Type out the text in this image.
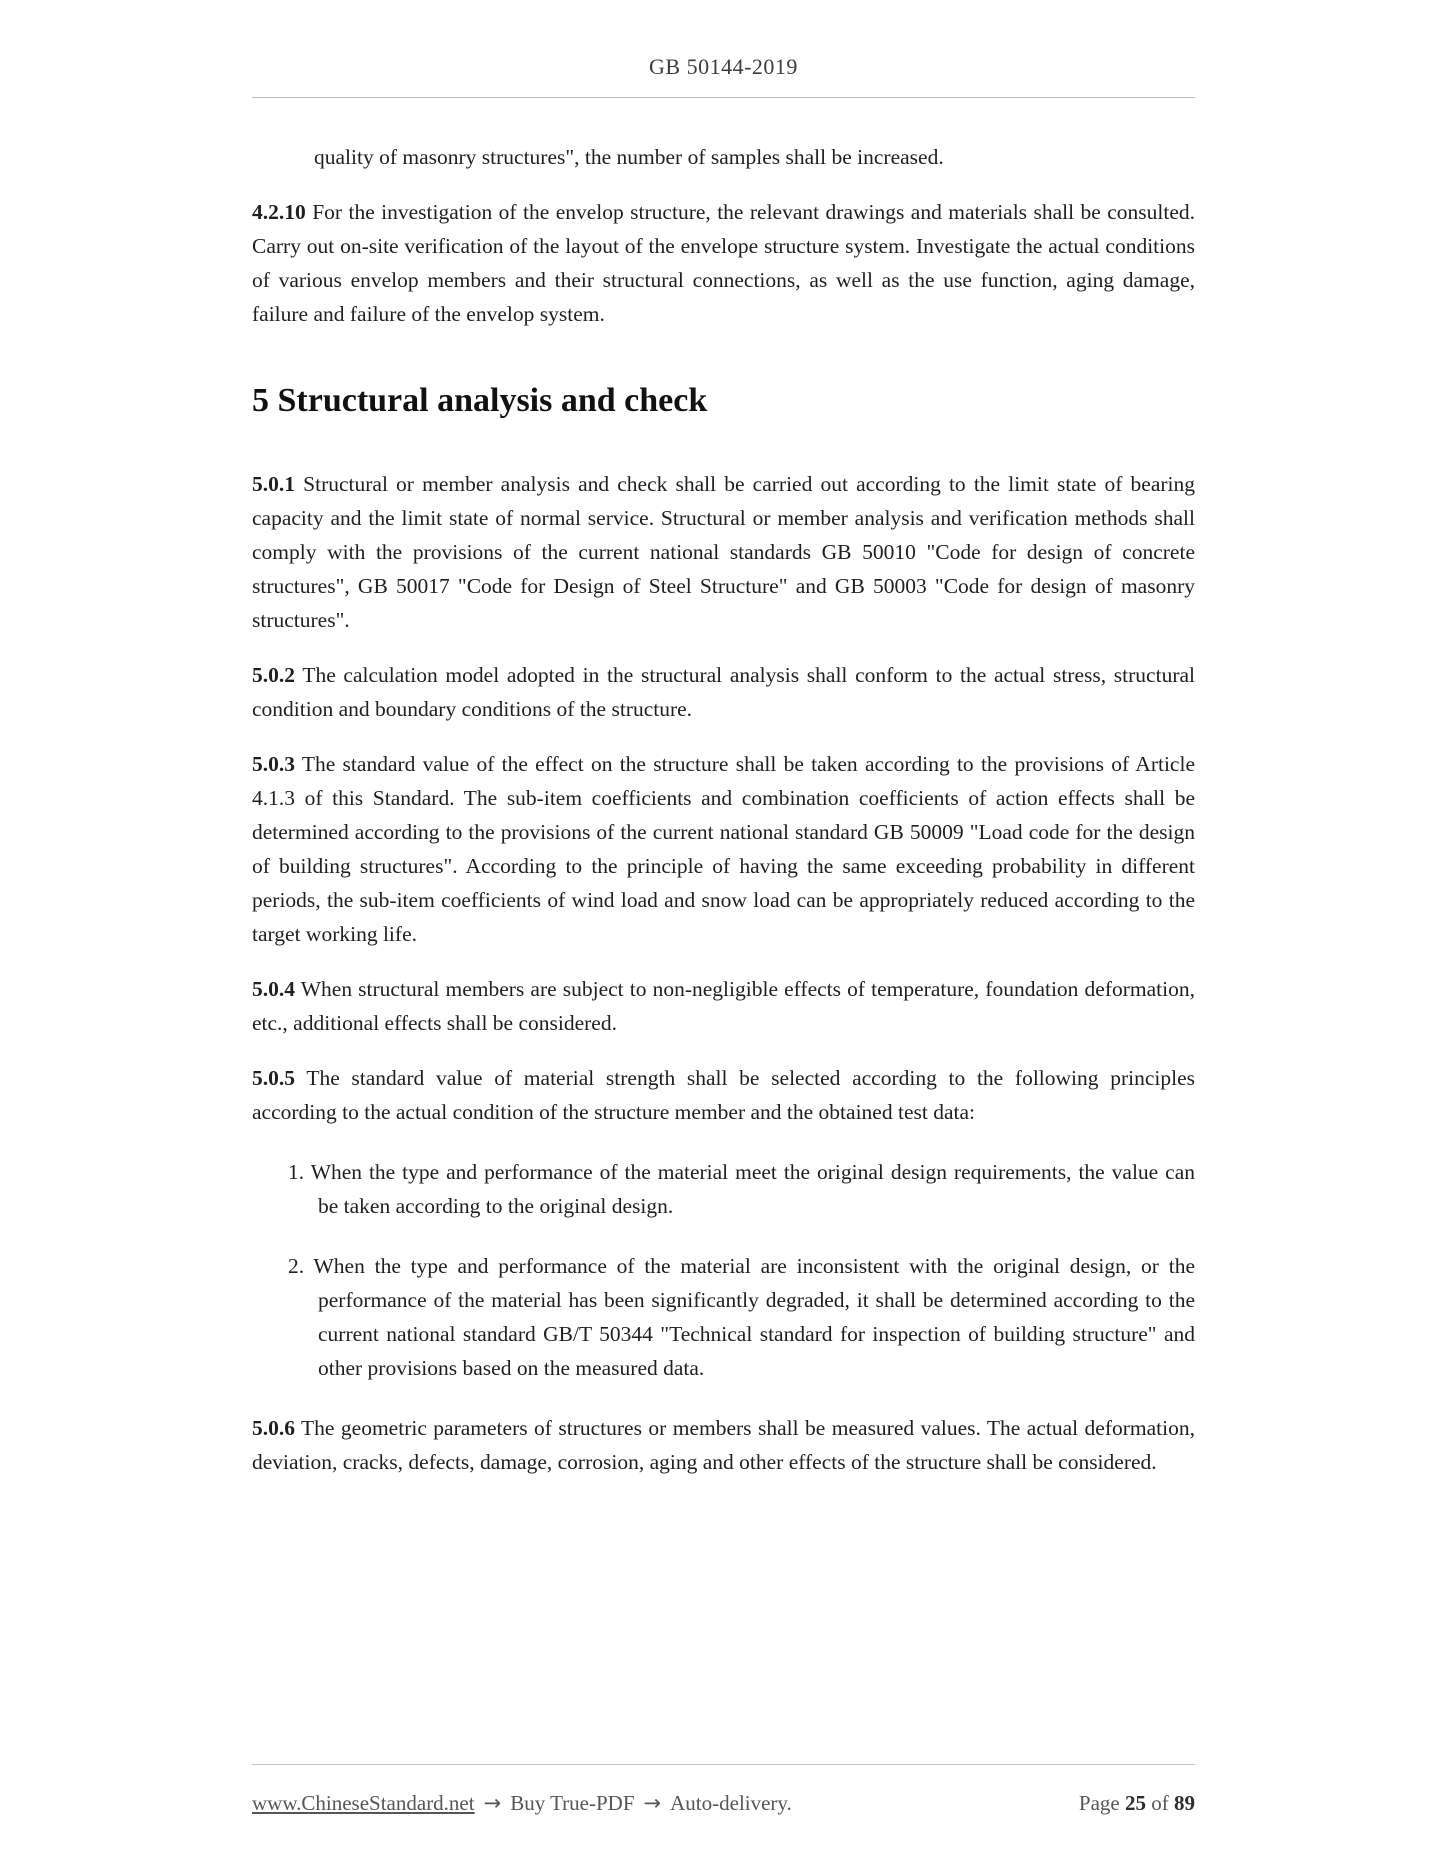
GB 50144-2019

quality of masonry structures", the number of samples shall be increased.

4.2.10 For the investigation of the envelop structure, the relevant drawings and materials shall be consulted. Carry out on-site verification of the layout of the envelope structure system. Investigate the actual conditions of various envelop members and their structural connections, as well as the use function, aging damage, failure and failure of the envelop system.

5 Structural analysis and check

5.0.1 Structural or member analysis and check shall be carried out according to the limit state of bearing capacity and the limit state of normal service. Structural or member analysis and verification methods shall comply with the provisions of the current national standards GB 50010 "Code for design of concrete structures", GB 50017 "Code for Design of Steel Structure" and GB 50003 "Code for design of masonry structures".

5.0.2 The calculation model adopted in the structural analysis shall conform to the actual stress, structural condition and boundary conditions of the structure.

5.0.3 The standard value of the effect on the structure shall be taken according to the provisions of Article 4.1.3 of this Standard. The sub-item coefficients and combination coefficients of action effects shall be determined according to the provisions of the current national standard GB 50009 "Load code for the design of building structures". According to the principle of having the same exceeding probability in different periods, the sub-item coefficients of wind load and snow load can be appropriately reduced according to the target working life.

5.0.4 When structural members are subject to non-negligible effects of temperature, foundation deformation, etc., additional effects shall be considered.

5.0.5 The standard value of material strength shall be selected according to the following principles according to the actual condition of the structure member and the obtained test data:

1. When the type and performance of the material meet the original design requirements, the value can be taken according to the original design.

2. When the type and performance of the material are inconsistent with the original design, or the performance of the material has been significantly degraded, it shall be determined according to the current national standard GB/T 50344 "Technical standard for inspection of building structure" and other provisions based on the measured data.

5.0.6 The geometric parameters of structures or members shall be measured values. The actual deformation, deviation, cracks, defects, damage, corrosion, aging and other effects of the structure shall be considered.

www.ChineseStandard.net → Buy True-PDF → Auto-delivery.	Page 25 of 89
